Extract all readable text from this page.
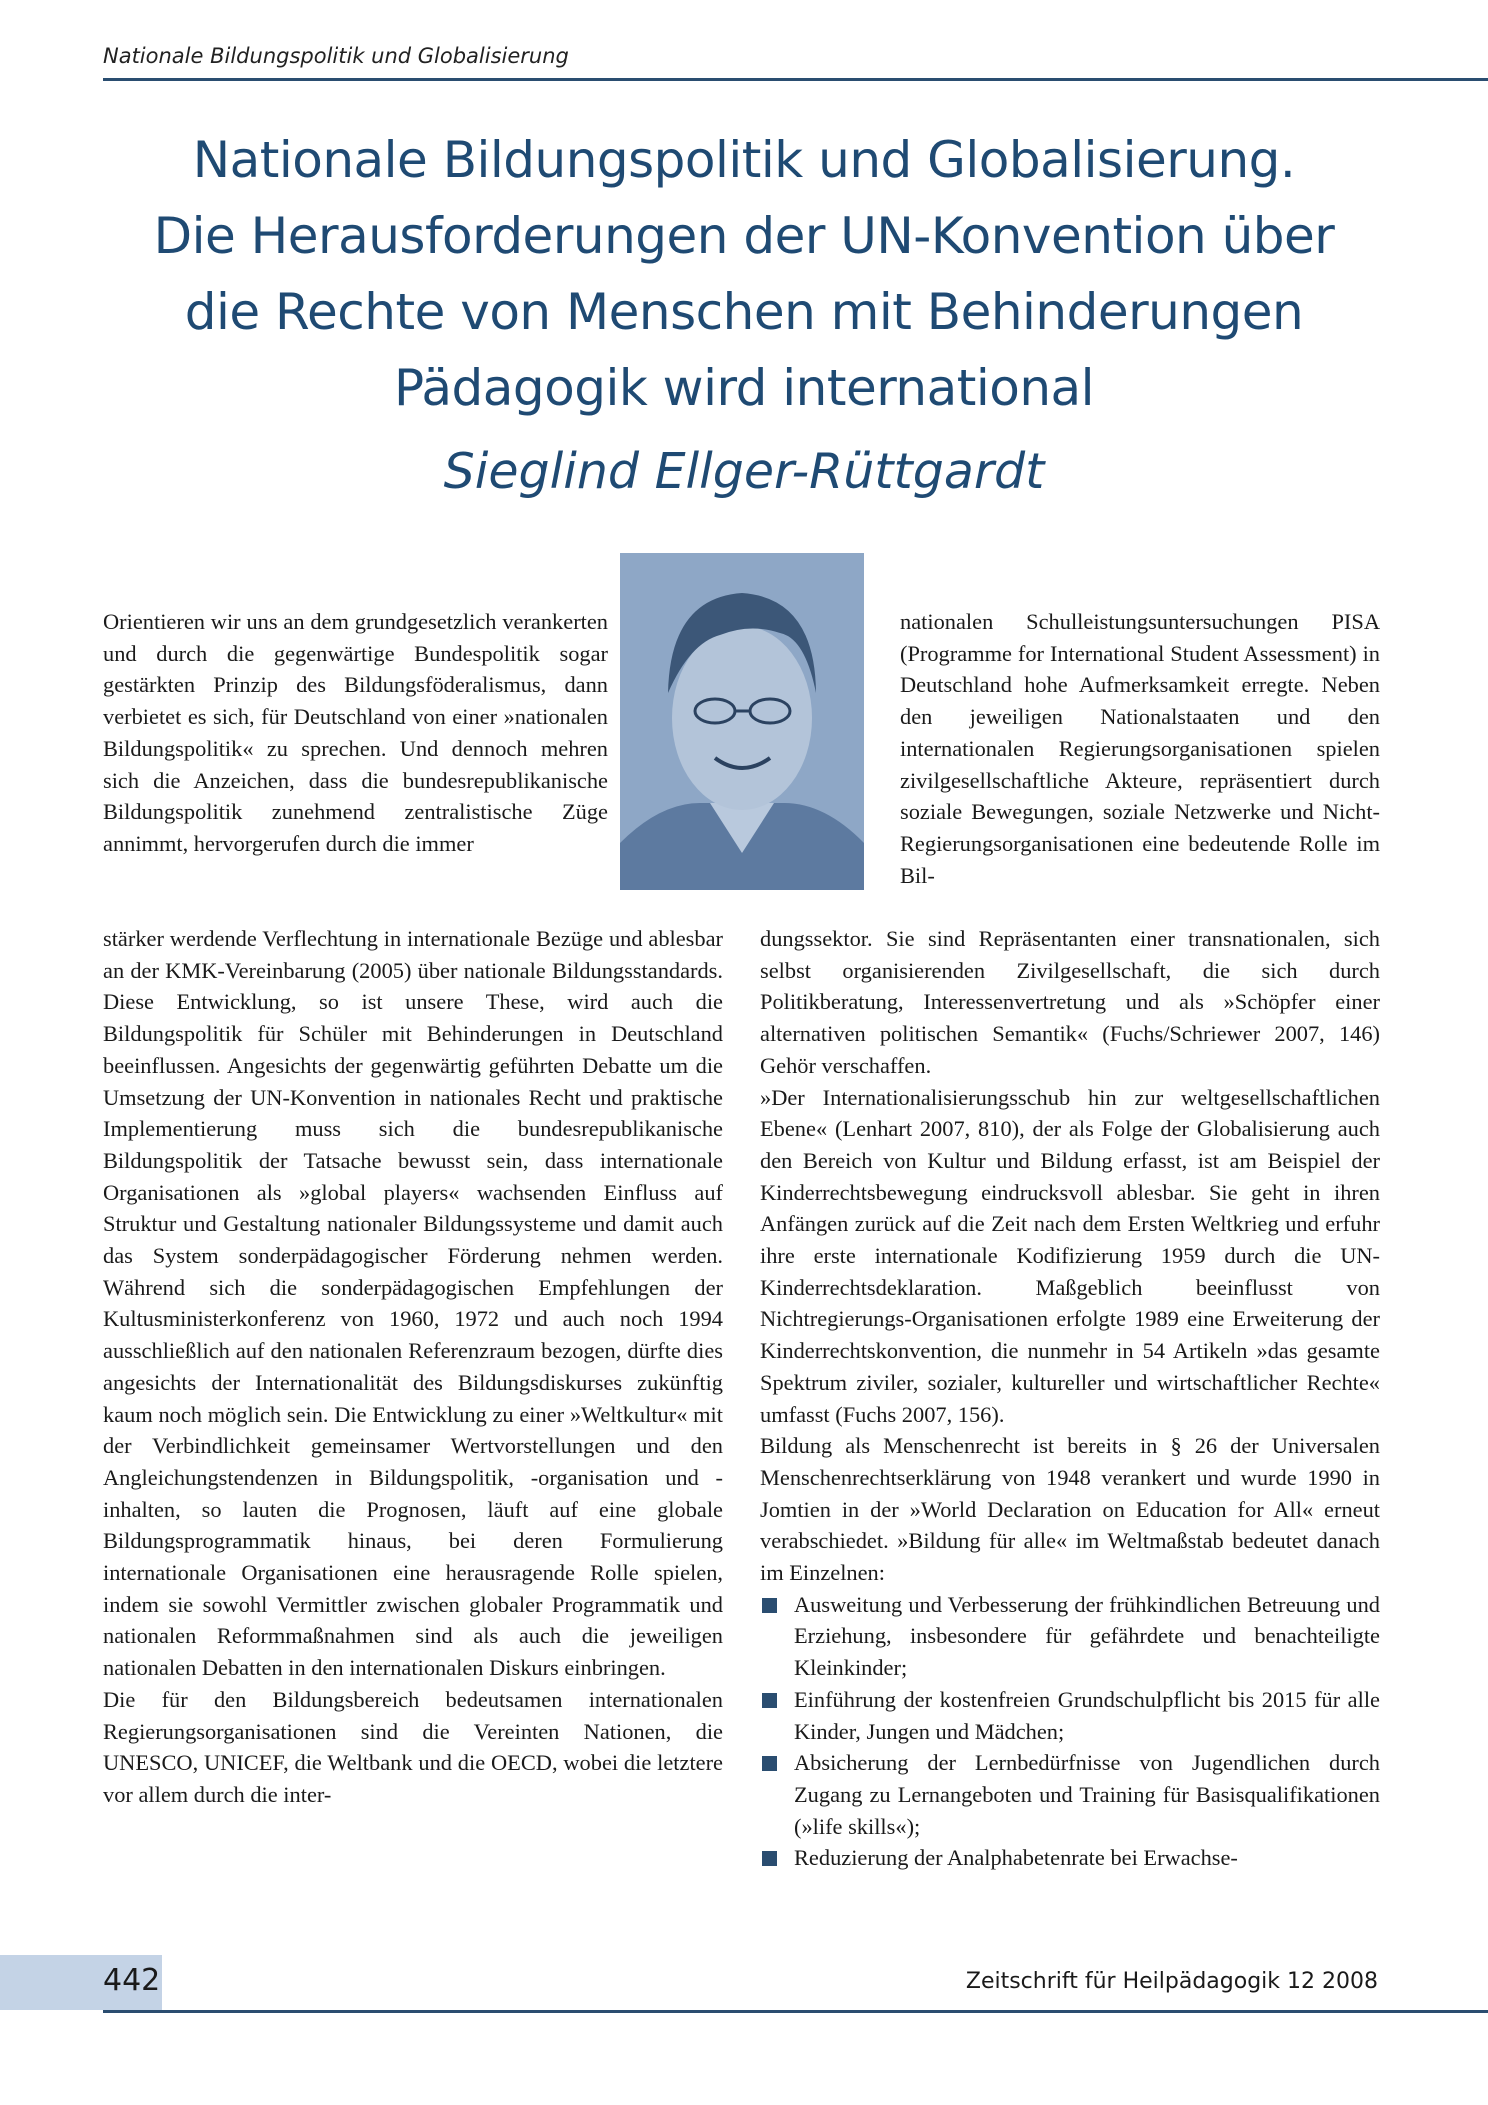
Nationale Bildungspolitik und Globalisierung
Nationale Bildungspolitik und Globalisierung.
Die Herausforderungen der UN-Konvention über
die Rechte von Menschen mit Behinderungen
Pädagogik wird international
Sieglind Ellger-Rüttgardt

Orientieren wir uns an dem grundgesetzlich verankerten und durch die gegenwärtige Bundespolitik sogar gestärkten Prinzip des Bildungsföderalismus, dann verbietet es sich, für Deutschland von einer »nationalen Bildungspolitik« zu sprechen. Und dennoch mehren sich die Anzeichen, dass die bundesrepublikanische Bildungspolitik zunehmend zentralistische Züge annimmt, hervorgerufen durch die immer

stärker werdende Verflechtung in internationale Bezüge und ablesbar an der KMK-Vereinbarung (2005) über nationale Bildungsstandards. Diese Entwicklung, so ist unsere These, wird auch die Bildungspolitik für Schüler mit Behinderungen in Deutschland beeinflussen. Angesichts der gegenwärtig geführten Debatte um die Umsetzung der UN-Konvention in nationales Recht und praktische Implementierung muss sich die bundesrepublikanische Bildungspolitik der Tatsache bewusst sein, dass internationale Organisationen als »global players« wachsenden Einfluss auf Struktur und Gestaltung nationaler Bildungssysteme und damit auch das System sonderpädagogischer Förderung nehmen werden. Während sich die sonderpädagogischen Empfehlungen der Kultusministerkonferenz von 1960, 1972 und auch noch 1994 ausschließlich auf den nationalen Referenzraum bezogen, dürfte dies angesichts der Internationalität des Bildungsdiskurses zukünftig kaum noch möglich sein. Die Entwicklung zu einer »Weltkultur« mit der Verbindlichkeit gemeinsamer Wertvorstellungen und den Angleichungstendenzen in Bildungspolitik, -organisation und -inhalten, so lauten die Prognosen, läuft auf eine globale Bildungsprogrammatik hinaus, bei deren Formulierung internationale Organisationen eine herausragende Rolle spielen, indem sie sowohl Vermittler zwischen globaler Programmatik und nationalen Reformmaßnahmen sind als auch die jeweiligen nationalen Debatten in den internationalen Diskurs einbringen.

Die für den Bildungsbereich bedeutsamen internationalen Regierungsorganisationen sind die Vereinten Nationen, die UNESCO, UNICEF, die Weltbank und die OECD, wobei die letztere vor allem durch die inter-

nationalen Schulleistungsuntersuchungen PISA (Programme for International Student Assessment) in Deutschland hohe Aufmerksamkeit erregte. Neben den jeweiligen Nationalstaaten und den internationalen Regierungsorganisationen spielen zivilgesellschaftliche Akteure, repräsentiert durch soziale Bewegungen, soziale Netzwerke und Nicht-Regierungsorganisationen eine bedeutende Rolle im Bil-

dungssektor. Sie sind Repräsentanten einer transnationalen, sich selbst organisierenden Zivilgesellschaft, die sich durch Politikberatung, Interessenvertretung und als »Schöpfer einer alternativen politischen Semantik« (Fuchs/Schriewer 2007, 146) Gehör verschaffen.

»Der Internationalisierungsschub hin zur weltgesellschaftlichen Ebene« (Lenhart 2007, 810), der als Folge der Globalisierung auch den Bereich von Kultur und Bildung erfasst, ist am Beispiel der Kinderrechtsbewegung eindrucksvoll ablesbar. Sie geht in ihren Anfängen zurück auf die Zeit nach dem Ersten Weltkrieg und erfuhr ihre erste internationale Kodifizierung 1959 durch die UN-Kinderrechtsdeklaration. Maßgeblich beeinflusst von Nichtregierungs-Organisationen erfolgte 1989 eine Erweiterung der Kinderrechtskonvention, die nunmehr in 54 Artikeln »das gesamte Spektrum ziviler, sozialer, kultureller und wirtschaftlicher Rechte« umfasst (Fuchs 2007, 156).

Bildung als Menschenrecht ist bereits in § 26 der Universalen Menschenrechtserklärung von 1948 verankert und wurde 1990 in Jomtien in der »World Declaration on Education for All« erneut verabschiedet. »Bildung für alle« im Weltmaßstab bedeutet danach im Einzelnen:

Ausweitung und Verbesserung der frühkindlichen Betreuung und Erziehung, insbesondere für gefährdete und benachteiligte Kleinkinder;
Einführung der kostenfreien Grundschulpflicht bis 2015 für alle Kinder, Jungen und Mädchen;
Absicherung der Lernbedürfnisse von Jugendlichen durch Zugang zu Lernangeboten und Training für Basisqualifikationen (»life skills«);
Reduzierung der Analphabetenrate bei Erwachse-
442	Zeitschrift für Heilpädagogik 12 2008
